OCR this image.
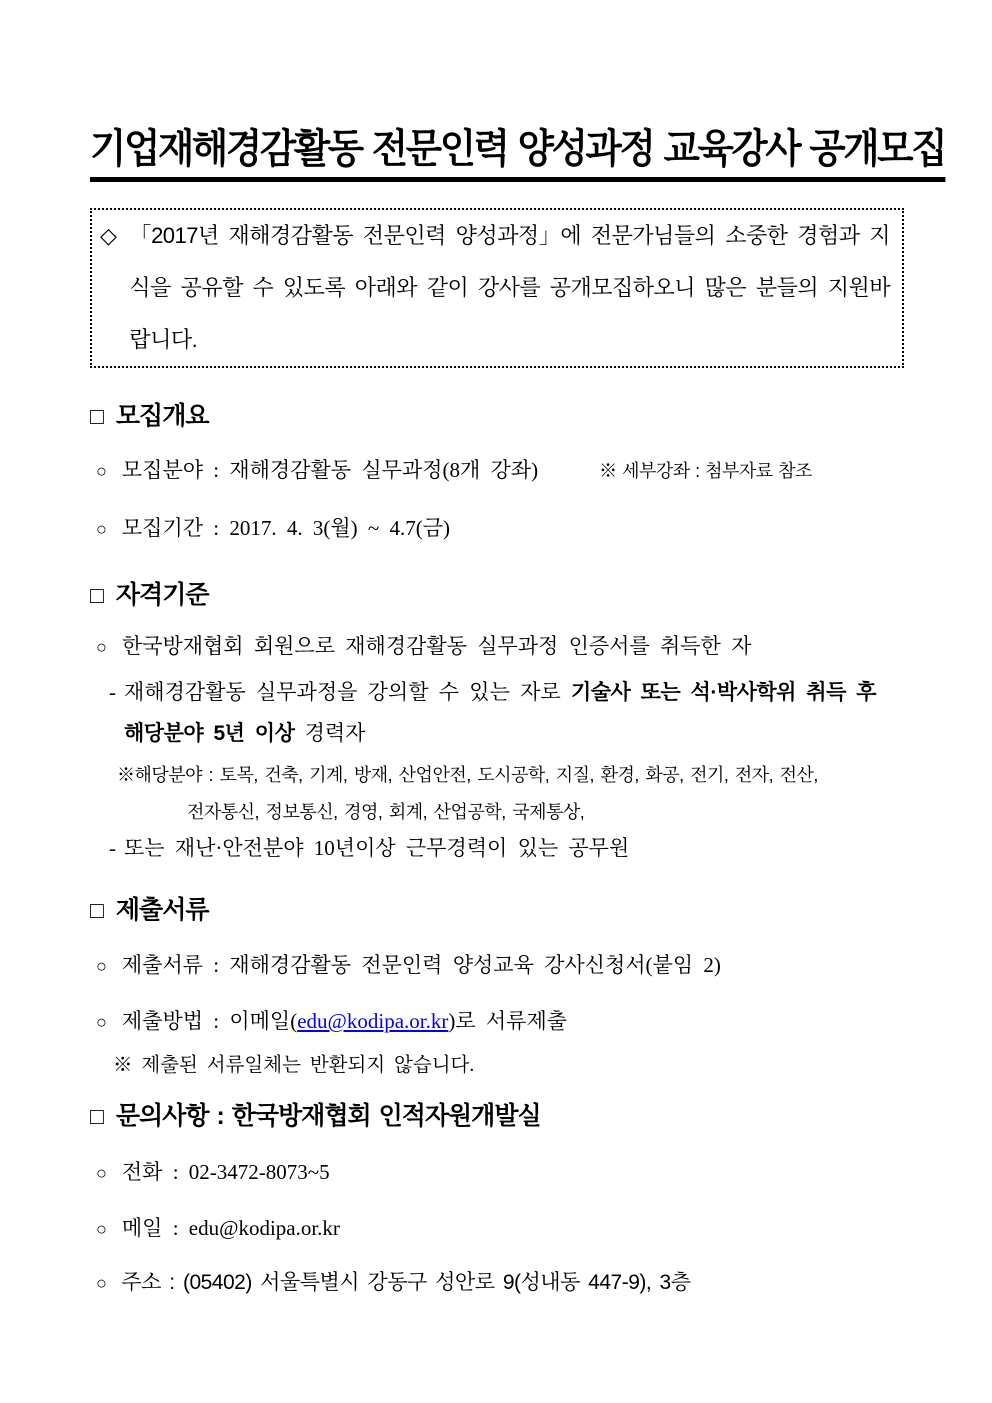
기업재해경감활동 전문인력 양성과정 교육강사 공개모집
◇ 「2017년 재해경감활동 전문인력 양성과정」에 전문가님들의 소중한 경험과 지식을 공유할 수 있도록 아래와 같이 강사를 공개모집하오니 많은 분들의 지원바랍니다.

□ 모집개요
○ 모집분야 : 재해경감활동 실무과정(8개 강좌)	※ 세부강좌 : 첨부자료 참조
○ 모집기간 : 2017. 4. 3(월) ~ 4.7(금)
□ 자격기준
○ 한국방재협회 회원으로 재해경감활동 실무과정 인증서를 취득한 자
- 재해경감활동 실무과정을 강의할 수 있는 자로 기술사 또는 석·박사학위 취득 후 해당분야 5년 이상 경력자
※해당분야 : 토목, 건축, 기계, 방재, 산업안전, 도시공학, 지질, 환경, 화공, 전기, 전자, 전산,
전자통신, 정보통신, 경영, 회계, 산업공학, 국제통상,
- 또는 재난·안전분야 10년이상 근무경력이 있는 공무원
□ 제출서류
○ 제출서류 : 재해경감활동 전문인력 양성교육 강사신청서(붙임 2)
○ 제출방법 : 이메일(edu@kodipa.or.kr)로 서류제출
※ 제출된 서류일체는 반환되지 않습니다.
□ 문의사항 : 한국방재협회 인적자원개발실
○ 전화 : 02-3472-8073~5
○ 메일 : edu@kodipa.or.kr
○ 주소 : (05402) 서울특별시 강동구 성안로 9(성내동 447-9), 3층
